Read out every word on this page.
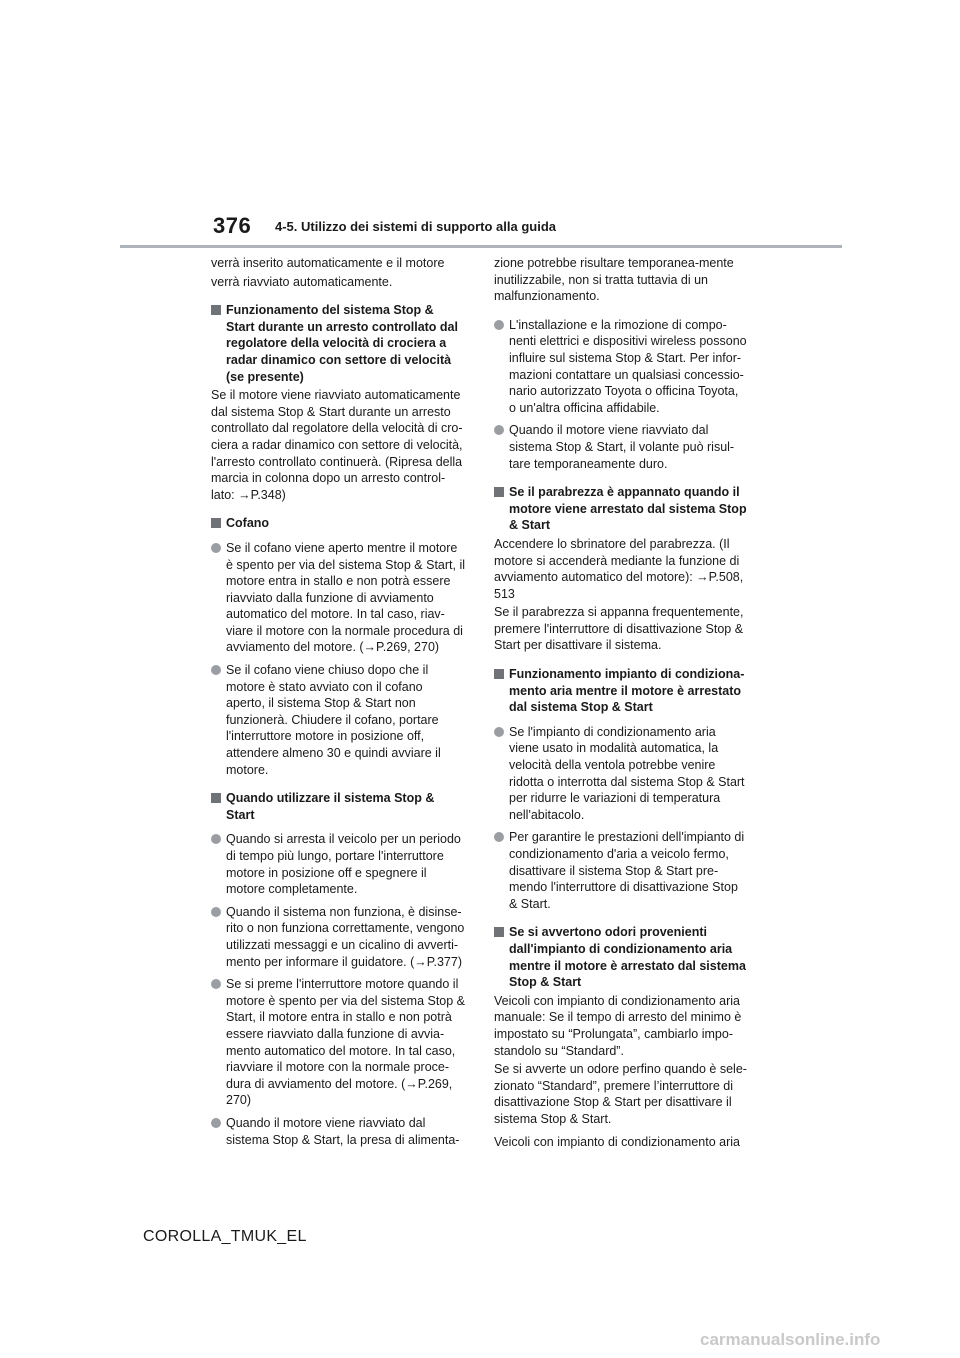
376 4-5. Utilizzo dei sistemi di supporto alla guida

verrà inserito automaticamente e il motore

verrà riavviato automaticamente.

Funzionamento del sistema Stop & Start durante un arresto controllato dal regolatore della velocità di crociera a radar dinamico con settore di velocità (se presente)

Se il motore viene riavviato automaticamente dal sistema Stop & Start durante un arresto controllato dal regolatore della velocità di cro-ciera a radar dinamico con settore di velocità, l'arresto controllato continuerà. (Ripresa della marcia in colonna dopo un arresto control-lato: →P.348)

Cofano
Se il cofano viene aperto mentre il motore è spento per via del sistema Stop & Start, il motore entra in stallo e non potrà essere riavviato dalla funzione di avviamento automatico del motore. In tal caso, riav-viare il motore con la normale procedura di avviamento del motore. (→P.269, 270)
Se il cofano viene chiuso dopo che il motore è stato avviato con il cofano aperto, il sistema Stop & Start non funzionerà. Chiudere il cofano, portare l'interruttore motore in posizione off, attendere almeno 30 e quindi avviare il motore.
Quando utilizzare il sistema Stop & Start
Quando si arresta il veicolo per un periodo di tempo più lungo, portare l'interruttore motore in posizione off e spegnere il motore completamente.
Quando il sistema non funziona, è disinse-rito o non funziona correttamente, vengono utilizzati messaggi e un cicalino di avverti-mento per informare il guidatore. (→P.377)
Se si preme l'interruttore motore quando il motore è spento per via del sistema Stop & Start, il motore entra in stallo e non potrà essere riavviato dalla funzione di avvia-mento automatico del motore. In tal caso, riavviare il motore con la normale proce-dura di avviamento del motore. (→P.269, 270)
Quando il motore viene riavviato dal sistema Stop & Start, la presa di alimenta-

zione potrebbe risultare temporanea-mente inutilizzabile, non si tratta tuttavia di un malfunzionamento.

L'installazione e la rimozione di compo-nenti elettrici e dispositivi wireless possono influire sul sistema Stop & Start. Per infor-mazioni contattare un qualsiasi concessio-nario autorizzato Toyota o officina Toyota, o un'altra officina affidabile.
Quando il motore viene riavviato dal sistema Stop & Start, il volante può risul-tare temporaneamente duro.
Se il parabrezza è appannato quando il motore viene arrestato dal sistema Stop & Start

Accendere lo sbrinatore del parabrezza. (Il motore si accenderà mediante la funzione di avviamento automatico del motore): →P.508, 513

Se il parabrezza si appanna frequentemente, premere l'interruttore di disattivazione Stop & Start per disattivare il sistema.

Funzionamento impianto di condiziona-mento aria mentre il motore è arrestato dal sistema Stop & Start
Se l'impianto di condizionamento aria viene usato in modalità automatica, la velocità della ventola potrebbe venire ridotta o interrotta dal sistema Stop & Start per ridurre le variazioni di temperatura nell'abitacolo.
Per garantire le prestazioni dell'impianto di condizionamento d'aria a veicolo fermo, disattivare il sistema Stop & Start pre-mendo l'interruttore di disattivazione Stop & Start.
Se si avvertono odori provenienti dall'impianto di condizionamento aria mentre il motore è arrestato dal sistema Stop & Start

Veicoli con impianto di condizionamento aria manuale: Se il tempo di arresto del minimo è impostato su “Prolungata”, cambiarlo impo-standolo su “Standard”.

Se si avverte un odore perfino quando è sele-zionato “Standard”, premere l’interruttore di disattivazione Stop & Start per disattivare il sistema Stop & Start.

Veicoli con impianto di condizionamento aria

COROLLA_TMUK_EL
carmanualsonline.info
